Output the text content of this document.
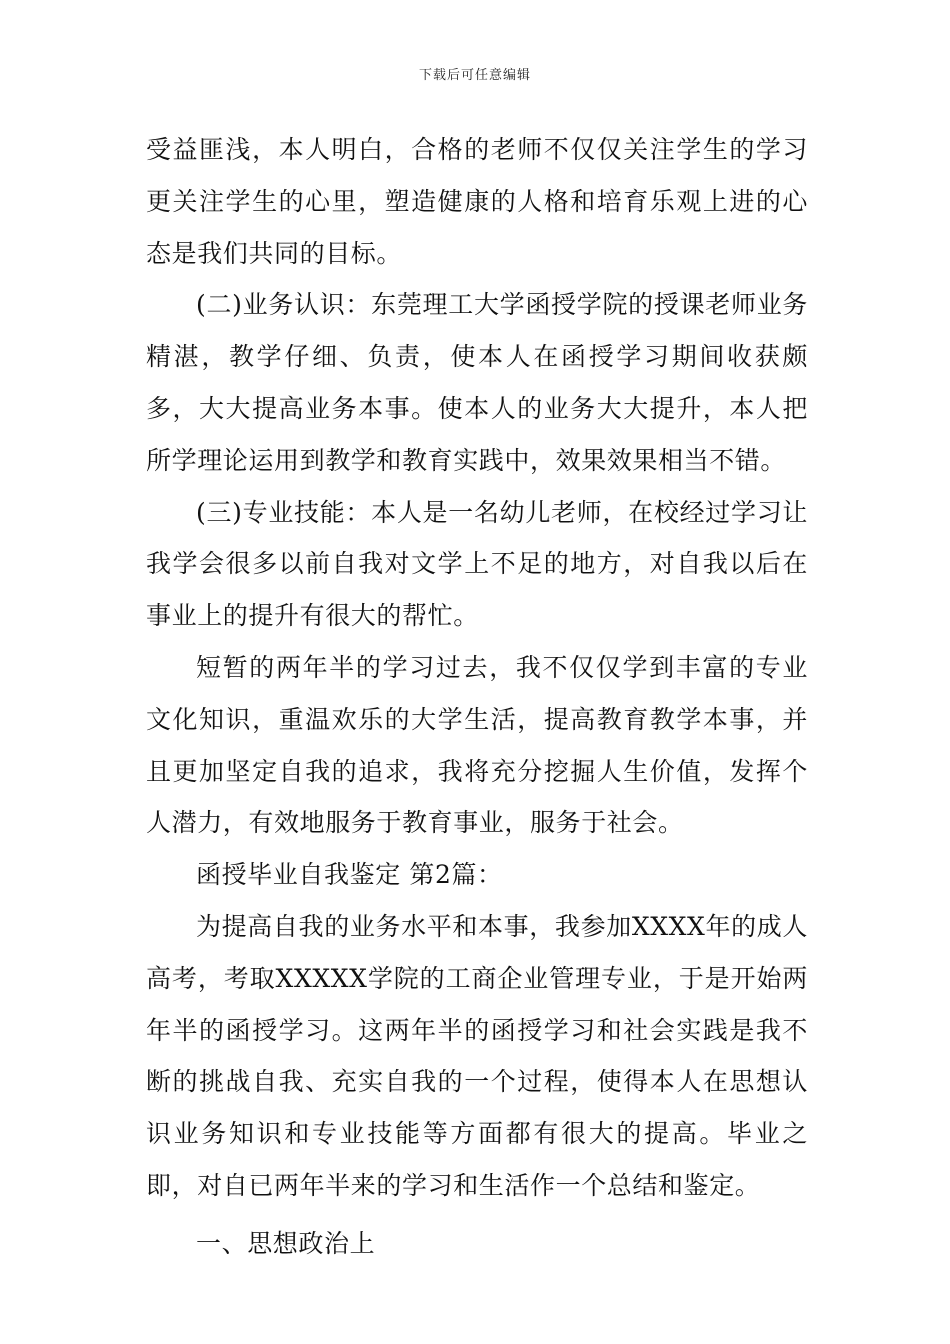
下载后可任意编辑

受益匪浅，本人明白，合格的老师不仅仅关注学生的学习更关注学生的心里，塑造健康的人格和培育乐观上进的心态是我们共同的目标。

(二)业务认识：东莞理工大学函授学院的授课老师业务精湛，教学仔细、负责，使本人在函授学习期间收获颇多，大大提高业务本事。使本人的业务大大提升，本人把所学理论运用到教学和教育实践中，效果效果相当不错。

(三)专业技能：本人是一名幼儿老师，在校经过学习让我学会很多以前自我对文学上不足的地方，对自我以后在事业上的提升有很大的帮忙。

短暂的两年半的学习过去，我不仅仅学到丰富的专业文化知识，重温欢乐的大学生活，提高教育教学本事，并且更加坚定自我的追求，我将充分挖掘人生价值，发挥个人潜力，有效地服务于教育事业，服务于社会。

函授毕业自我鉴定 第2篇：

为提高自我的业务水平和本事，我参加XXXX年的成人高考，考取XXXXX学院的工商企业管理专业，于是开始两年半的函授学习。这两年半的函授学习和社会实践是我不断的挑战自我、充实自我的一个过程，使得本人在思想认识业务知识和专业技能等方面都有很大的提高。毕业之即，对自已两年半来的学习和生活作一个总结和鉴定。

一、思想政治上
